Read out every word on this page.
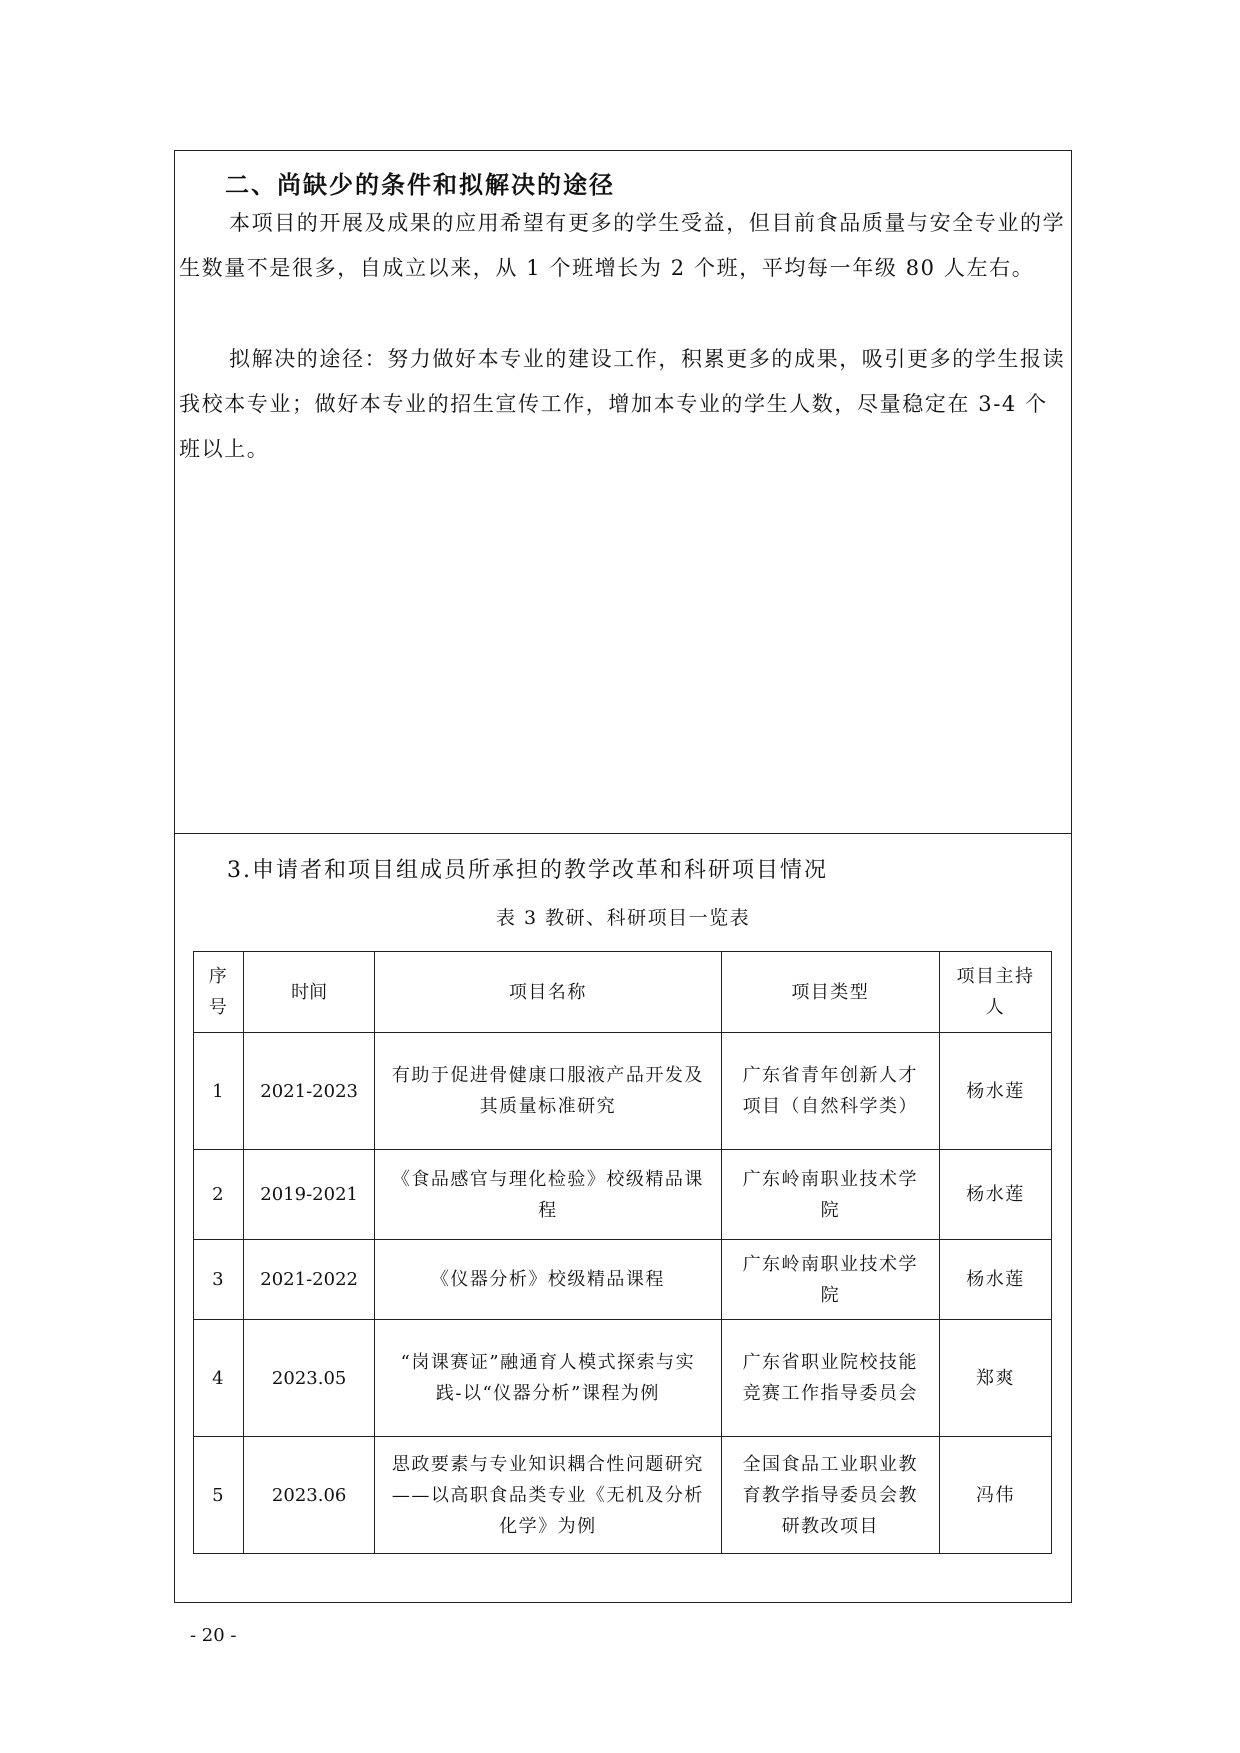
二、尚缺少的条件和拟解决的途径

本项目的开展及成果的应用希望有更多的学生受益，但目前食品质量与安全专业的学生数量不是很多，自成立以来，从 1 个班增长为 2 个班，平均每一年级 80 人左右。

拟解决的途径：努力做好本专业的建设工作，积累更多的成果，吸引更多的学生报读我校本专业；做好本专业的招生宣传工作，增加本专业的学生人数，尽量稳定在 3-4 个班以上。

3.申请者和项目组成员所承担的教学改革和科研项目情况
表 3 教研、科研项目一览表
序号	时间	项目名称	项目类型	项目主持人
1	2021-2023	有助于促进骨健康口服液产品开发及其质量标准研究	广东省青年创新人才项目（自然科学类）	杨水莲
2	2019-2021	《食品感官与理化检验》校级精品课程	广东岭南职业技术学院	杨水莲
3	2021-2022	《仪器分析》校级精品课程	广东岭南职业技术学院	杨水莲
4	2023.05	“岗课赛证”融通育人模式探索与实践-以“仪器分析”课程为例	广东省职业院校技能竞赛工作指导委员会	郑爽
5	2023.06	思政要素与专业知识耦合性问题研究——以高职食品类专业《无机及分析化学》为例	全国食品工业职业教育教学指导委员会教研教改项目	冯伟
- 20 -
